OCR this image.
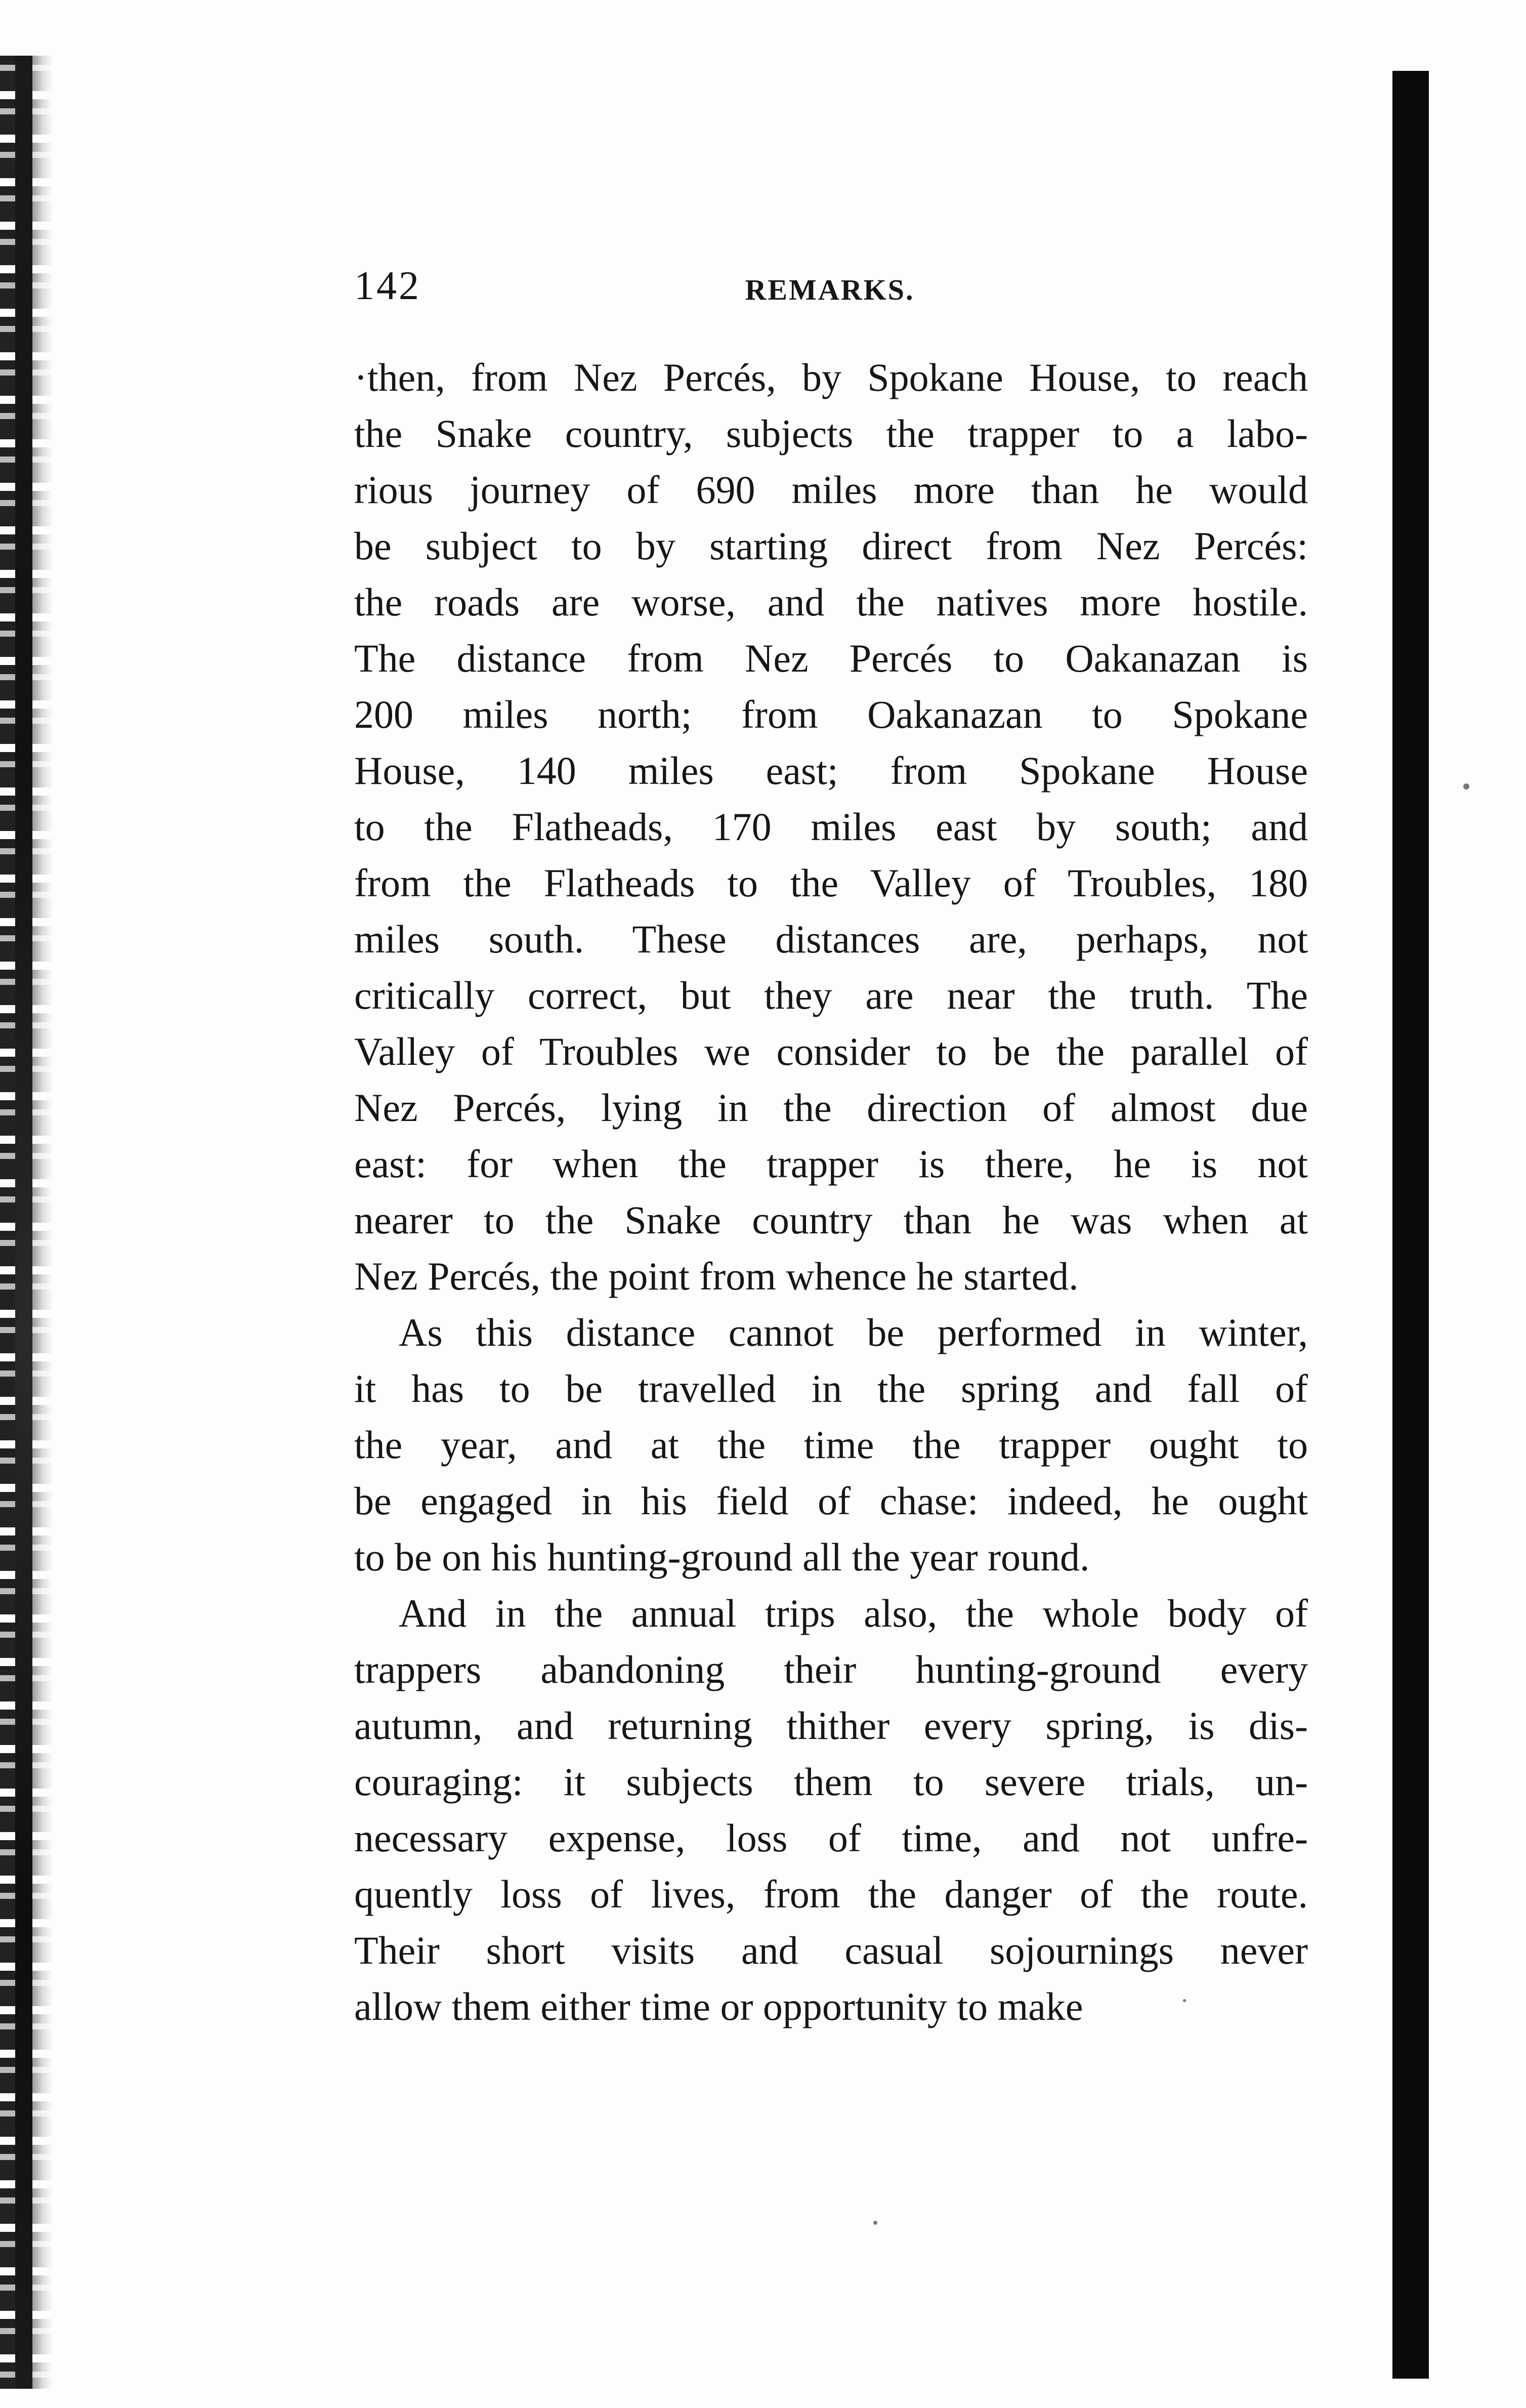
142	REMARKS.
·then, from Nez Percés, by Spokane House, to reach
the Snake country, subjects the trapper to a labo-
rious journey of 690 miles more than he would
be subject to by starting direct from Nez Percés:
the roads are worse, and the natives more hostile.
The distance from Nez Percés to Oakanazan is
200 miles north; from Oakanazan to Spokane
House, 140 miles east; from Spokane House
to the Flatheads, 170 miles east by south; and
from the Flatheads to the Valley of Troubles, 180
miles south. These distances are, perhaps, not
critically correct, but they are near the truth. The
Valley of Troubles we consider to be the parallel of
Nez Percés, lying in the direction of almost due
east: for when the trapper is there, he is not
nearer to the Snake country than he was when at
Nez Percés, the point from whence he started.
As this distance cannot be performed in winter,
it has to be travelled in the spring and fall of
the year, and at the time the trapper ought to
be engaged in his field of chase: indeed, he ought
to be on his hunting-ground all the year round.
And in the annual trips also, the whole body of
trappers abandoning their hunting-ground every
autumn, and returning thither every spring, is dis-
couraging: it subjects them to severe trials, un-
necessary expense, loss of time, and not unfre-
quently loss of lives, from the danger of the route.
Their short visits and casual sojournings never
allow them either time or opportunity to make
